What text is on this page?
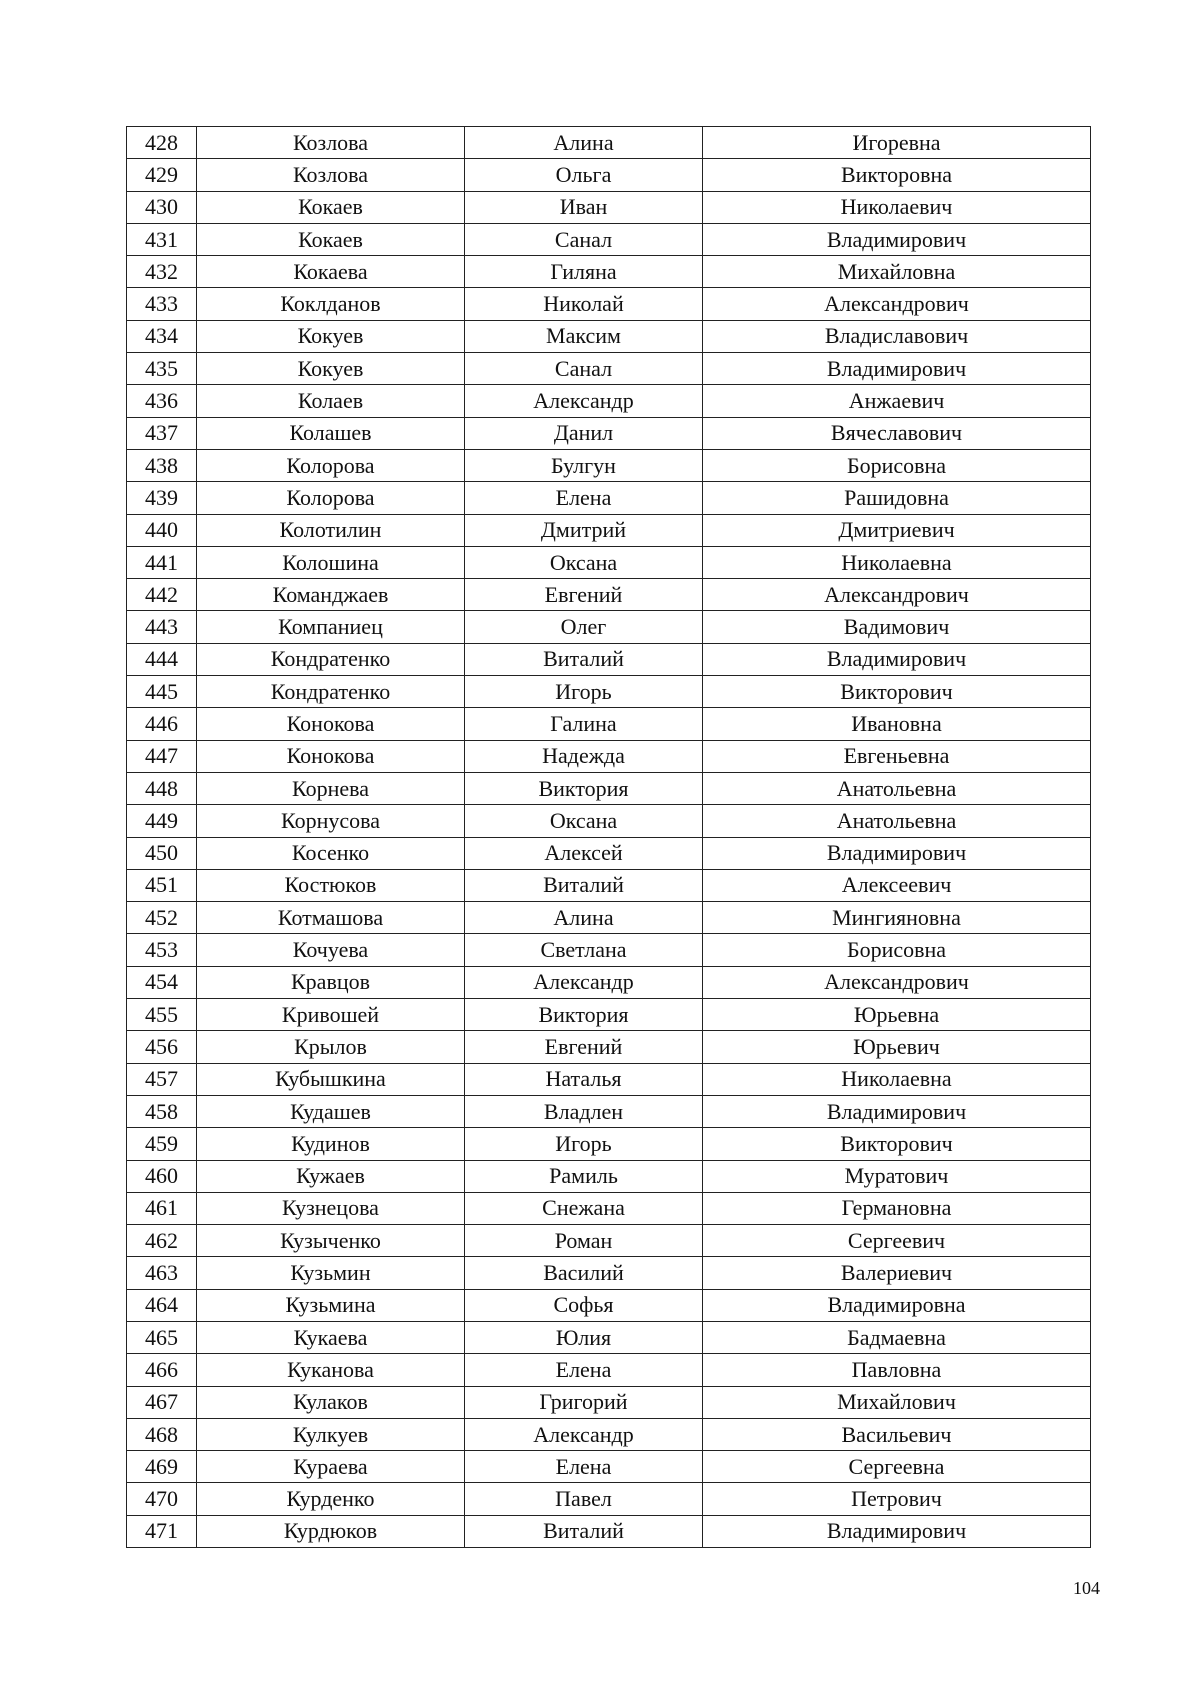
428	Козлова	Алина	Игоревна
429	Козлова	Ольга	Викторовна
430	Кокаев	Иван	Николаевич
431	Кокаев	Санал	Владимирович
432	Кокаева	Гиляна	Михайловна
433	Коклданов	Николай	Александрович
434	Кокуев	Максим	Владиславович
435	Кокуев	Санал	Владимирович
436	Колаев	Александр	Анжаевич
437	Колашев	Данил	Вячеславович
438	Колорова	Булгун	Борисовна
439	Колорова	Елена	Рашидовна
440	Колотилин	Дмитрий	Дмитриевич
441	Колошина	Оксана	Николаевна
442	Команджаев	Евгений	Александрович
443	Компаниец	Олег	Вадимович
444	Кондратенко	Виталий	Владимирович
445	Кондратенко	Игорь	Викторович
446	Конокова	Галина	Ивановна
447	Конокова	Надежда	Евгеньевна
448	Корнева	Виктория	Анатольевна
449	Корнусова	Оксана	Анатольевна
450	Косенко	Алексей	Владимирович
451	Костюков	Виталий	Алексеевич
452	Котмашова	Алина	Мингияновна
453	Кочуева	Светлана	Борисовна
454	Кравцов	Александр	Александрович
455	Кривошей	Виктория	Юрьевна
456	Крылов	Евгений	Юрьевич
457	Кубышкина	Наталья	Николаевна
458	Кудашев	Владлен	Владимирович
459	Кудинов	Игорь	Викторович
460	Кужаев	Рамиль	Муратович
461	Кузнецова	Снежана	Германовна
462	Кузыченко	Роман	Сергеевич
463	Кузьмин	Василий	Валериевич
464	Кузьмина	Софья	Владимировна
465	Кукаева	Юлия	Бадмаевна
466	Куканова	Елена	Павловна
467	Кулаков	Григорий	Михайлович
468	Кулкуев	Александр	Васильевич
469	Кураева	Елена	Сергеевна
470	Курденко	Павел	Петрович
471	Курдюков	Виталий	Владимирович
104
